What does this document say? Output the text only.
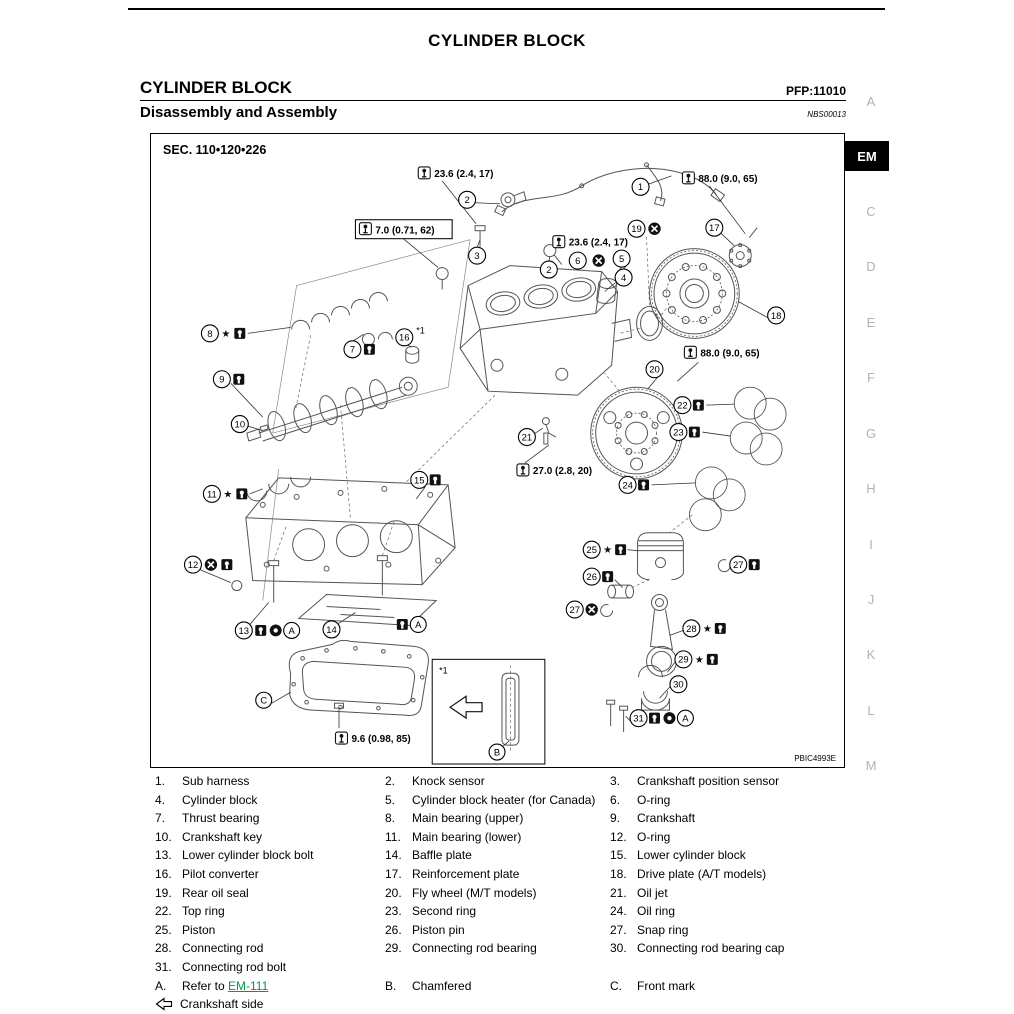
CYLINDER BLOCK
CYLINDER BLOCK	PFP:11010
Disassembly and Assembly	NBS00013
SEC. 110•120•226
PBIC4993E
23.6 (2.4, 17)	88.0 (9.0, 65)
7.0 (0.71, 62)
23.6 (2.4, 17)
88.0 (9.0, 65)
27.0 (2.8, 20)
9.6 (0.98, 85)
1
2
2
3
4
5
6
7
8 ★
9
10
11 ★
12
13	A	14	A
15
16
*1
17
18
19
20
21
22
23
24
25 ★
26
27
27
28 ★
29 ★
30
31	A
C
*1
B
1.	Sub harness	2.	Knock sensor	3.	Crankshaft position sensor
4.	Cylinder block	5.	Cylinder block heater (for Canada)	6.	O-ring
7.	Thrust bearing	8.	Main bearing (upper)	9.	Crankshaft
10. Crankshaft key	11. Main bearing (lower)	12. O-ring
13. Lower cylinder block bolt	14. Baffle plate	15. Lower cylinder block
16. Pilot converter	17. Reinforcement plate	18. Drive plate (A/T models)
19. Rear oil seal	20. Fly wheel (M/T models)	21. Oil jet
22. Top ring	23. Second ring	24. Oil ring
25. Piston	26. Piston pin	27. Snap ring
28. Connecting rod	29. Connecting rod bearing	30. Connecting rod bearing cap
31. Connecting rod bolt
A.	Refer to EM-111	B.	Chamfered	C.	Front mark
Crankshaft side
A
EM
C
D
E
F
G
H
I
J
K
L
M
